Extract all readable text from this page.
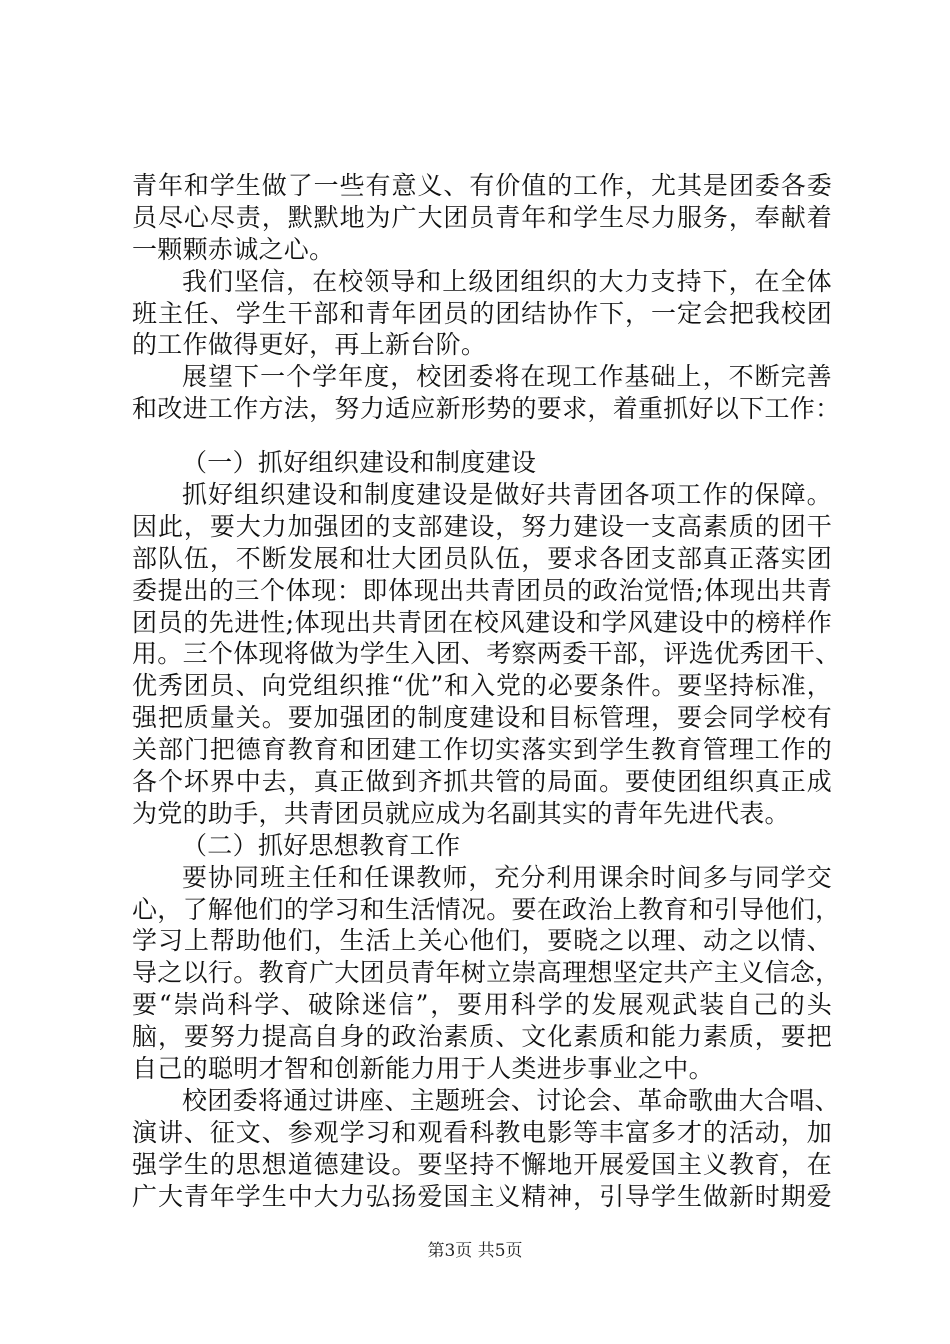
青年和学生做了一些有意义、有价值的工作，尤其是团委各委
员尽心尽责，默默地为广大团员青年和学生尽力服务，奉献着
一颗颗赤诚之心。
我们坚信，在校领导和上级团组织的大力支持下，在全体
班主任、学生干部和青年团员的团结协作下，一定会把我校团
的工作做得更好，再上新台阶。
展望下一个学年度，校团委将在现工作基础上，不断完善
和改进工作方法，努力适应新形势的要求，着重抓好以下工作：
（一）抓好组织建设和制度建设
抓好组织建设和制度建设是做好共青团各项工作的保障。
因此，要大力加强团的支部建设，努力建设一支高素质的团干
部队伍，不断发展和壮大团员队伍，要求各团支部真正落实团
委提出的三个体现：即体现出共青团员的政治觉悟;体现出共青
团员的先进性;体现出共青团在校风建设和学风建设中的榜样作
用。三个体现将做为学生入团、考察两委干部，评选优秀团干、
优秀团员、向党组织推“优”和入党的必要条件。要坚持标准，
强把质量关。要加强团的制度建设和目标管理，要会同学校有
关部门把德育教育和团建工作切实落实到学生教育管理工作的
各个坏界中去，真正做到齐抓共管的局面。要使团组织真正成
为党的助手，共青团员就应成为名副其实的青年先进代表。
（二）抓好思想教育工作
要协同班主任和任课教师，充分利用课余时间多与同学交
心，了解他们的学习和生活情况。要在政治上教育和引导他们，
学习上帮助他们，生活上关心他们，要晓之以理、动之以情、
导之以行。教育广大团员青年树立崇高理想坚定共产主义信念，
要“崇尚科学、破除迷信”，要用科学的发展观武装自己的头
脑，要努力提高自身的政治素质、文化素质和能力素质，要把
自己的聪明才智和创新能力用于人类进步事业之中。
校团委将通过讲座、主题班会、讨论会、革命歌曲大合唱、
演讲、征文、参观学习和观看科教电影等丰富多才的活动，加
强学生的思想道德建设。要坚持不懈地开展爱国主义教育，在
广大青年学生中大力弘扬爱国主义精神，引导学生做新时期爱
第3页 共5页
